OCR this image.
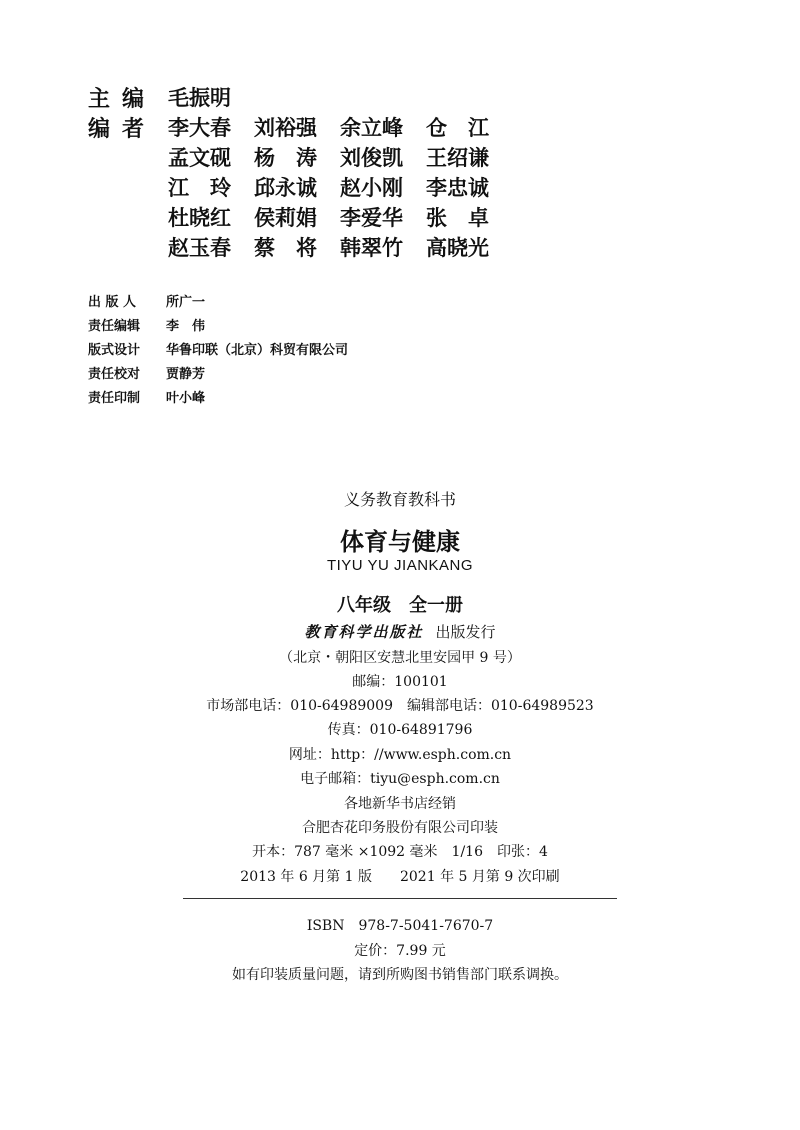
主编 毛振明
编者 李大春	刘裕强	余立峰	仓　江
孟文砚	杨　涛	刘俊凯	王绍谦
江　玲	邱永诚	赵小刚	李忠诚
杜晓红	侯莉娟	李爱华	张　卓
赵玉春	蔡　将	韩翠竹	高晓光
出 版 人	所广一
责任编辑	李　伟
版式设计	华鲁印联（北京）科贸有限公司
责任校对	贾静芳
责任印制	叶小峰
义务教育教科书
体育与健康
TIYU YU JIANKANG
八年级　全一册
教育科学出版社 出版发行
（北京・朝阳区安慧北里安园甲 9 号）
邮编：100101
市场部电话：010-64989009　编辑部电话：010-64989523
传真：010-64891796
网址：http：//www.esph.com.cn
电子邮箱：tiyu@esph.com.cn
各地新华书店经销
合肥杏花印务股份有限公司印装
开本：787 毫米 ×1092 毫米　1/16　印张：4
2013 年 6 月第 1 版　　2021 年 5 月第 9 次印刷
ISBN　978-7-5041-7670-7
定价：7.99 元
如有印装质量问题，请到所购图书销售部门联系调换。
